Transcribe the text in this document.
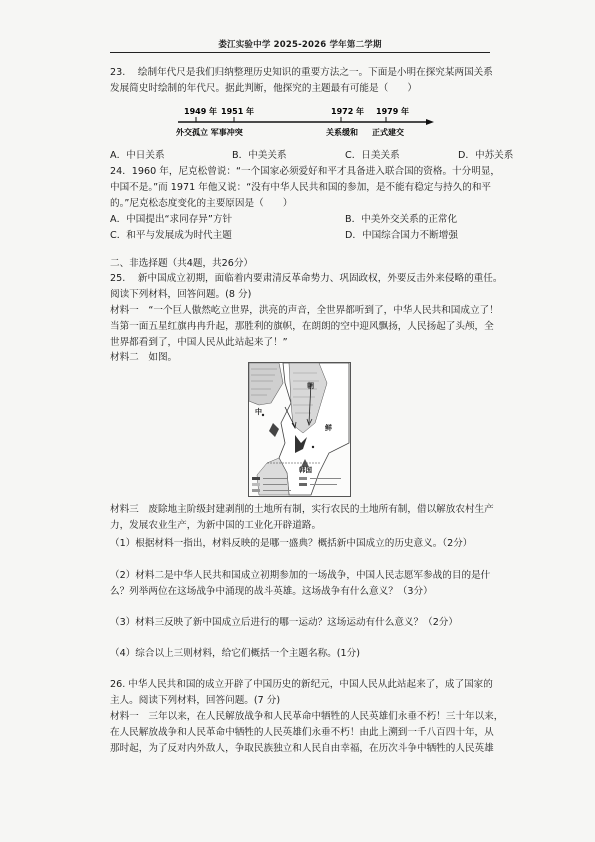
娄江实验中学 2025-2026 学年第二学期
23.　 绘制年代尺是我们归纳整理历史知识的重要方法之一。下面是小明在探究某两国关系
发展简史时绘制的年代尺。据此判断，他探究的主题最有可能是（　　）
1949 年 1951 年	1972 年 1979 年
外交孤立 军事冲突	关系缓和 正式建交
A．中日关系	B．中美关系	C．日美关系	D．中苏关系
24．1960 年，尼克松曾说：“一个国家必须爱好和平才具备进入联合国的资格。十分明显，
中国不是。”而 1971 年他又说：“没有中华人民共和国的参加，是不能有稳定与持久的和平
的。”尼克松态度变化的主要原因是（　　）
A．中国提出“求同存异”方针	B．中美外交关系的正常化
C．和平与发展成为时代主题	D．中国综合国力不断增强
二、非选择题（共4题，共26分）
25.　 新中国成立初期，面临着内要肃清反革命势力、巩固政权，外要反击外来侵略的重任。
阅读下列材料，回答问题。(8 分)
材料一　“一个巨人傲然屹立世界，洪亮的声音，全世界都听到了，中华人民共和国成立了！
当第一面五星红旗冉冉升起，那胜利的旗帜，在朗朗的空中迎风飘扬，人民扬起了头颅，全
世界都看到了，中国人民从此站起来了！”
材料二　如图。
朝
中
鲜
韩国
材料三　废除地主阶级封建剥削的土地所有制，实行农民的土地所有制，借以解放农村生产
力，发展农业生产，为新中国的工业化开辟道路。
（1）根据材料一指出，材料反映的是哪一盛典？概括新中国成立的历史意义。（2分）
（2）材料二是中华人民共和国成立初期参加的一场战争，中国人民志愿军参战的目的是什
么？列举两位在这场战争中涌现的战斗英雄。这场战争有什么意义？（3分）
（3）材料三反映了新中国成立后进行的哪一运动？这场运动有什么意义？（2分）
（4）综合以上三则材料，给它们概括一个主题名称。(1分)
26. 中华人民共和国的成立开辟了中国历史的新纪元，中国人民从此站起来了，成了国家的
主人。阅读下列材料，回答问题。(7 分)
材料一　三年以来，在人民解放战争和人民革命中牺牲的人民英雄们永垂不朽！三十年以来，
在人民解放战争和人民革命中牺牲的人民英雄们永垂不朽！由此上溯到一千八百四十年，从
那时起，为了反对内外敌人，争取民族独立和人民自由幸福，在历次斗争中牺牲的人民英雄
